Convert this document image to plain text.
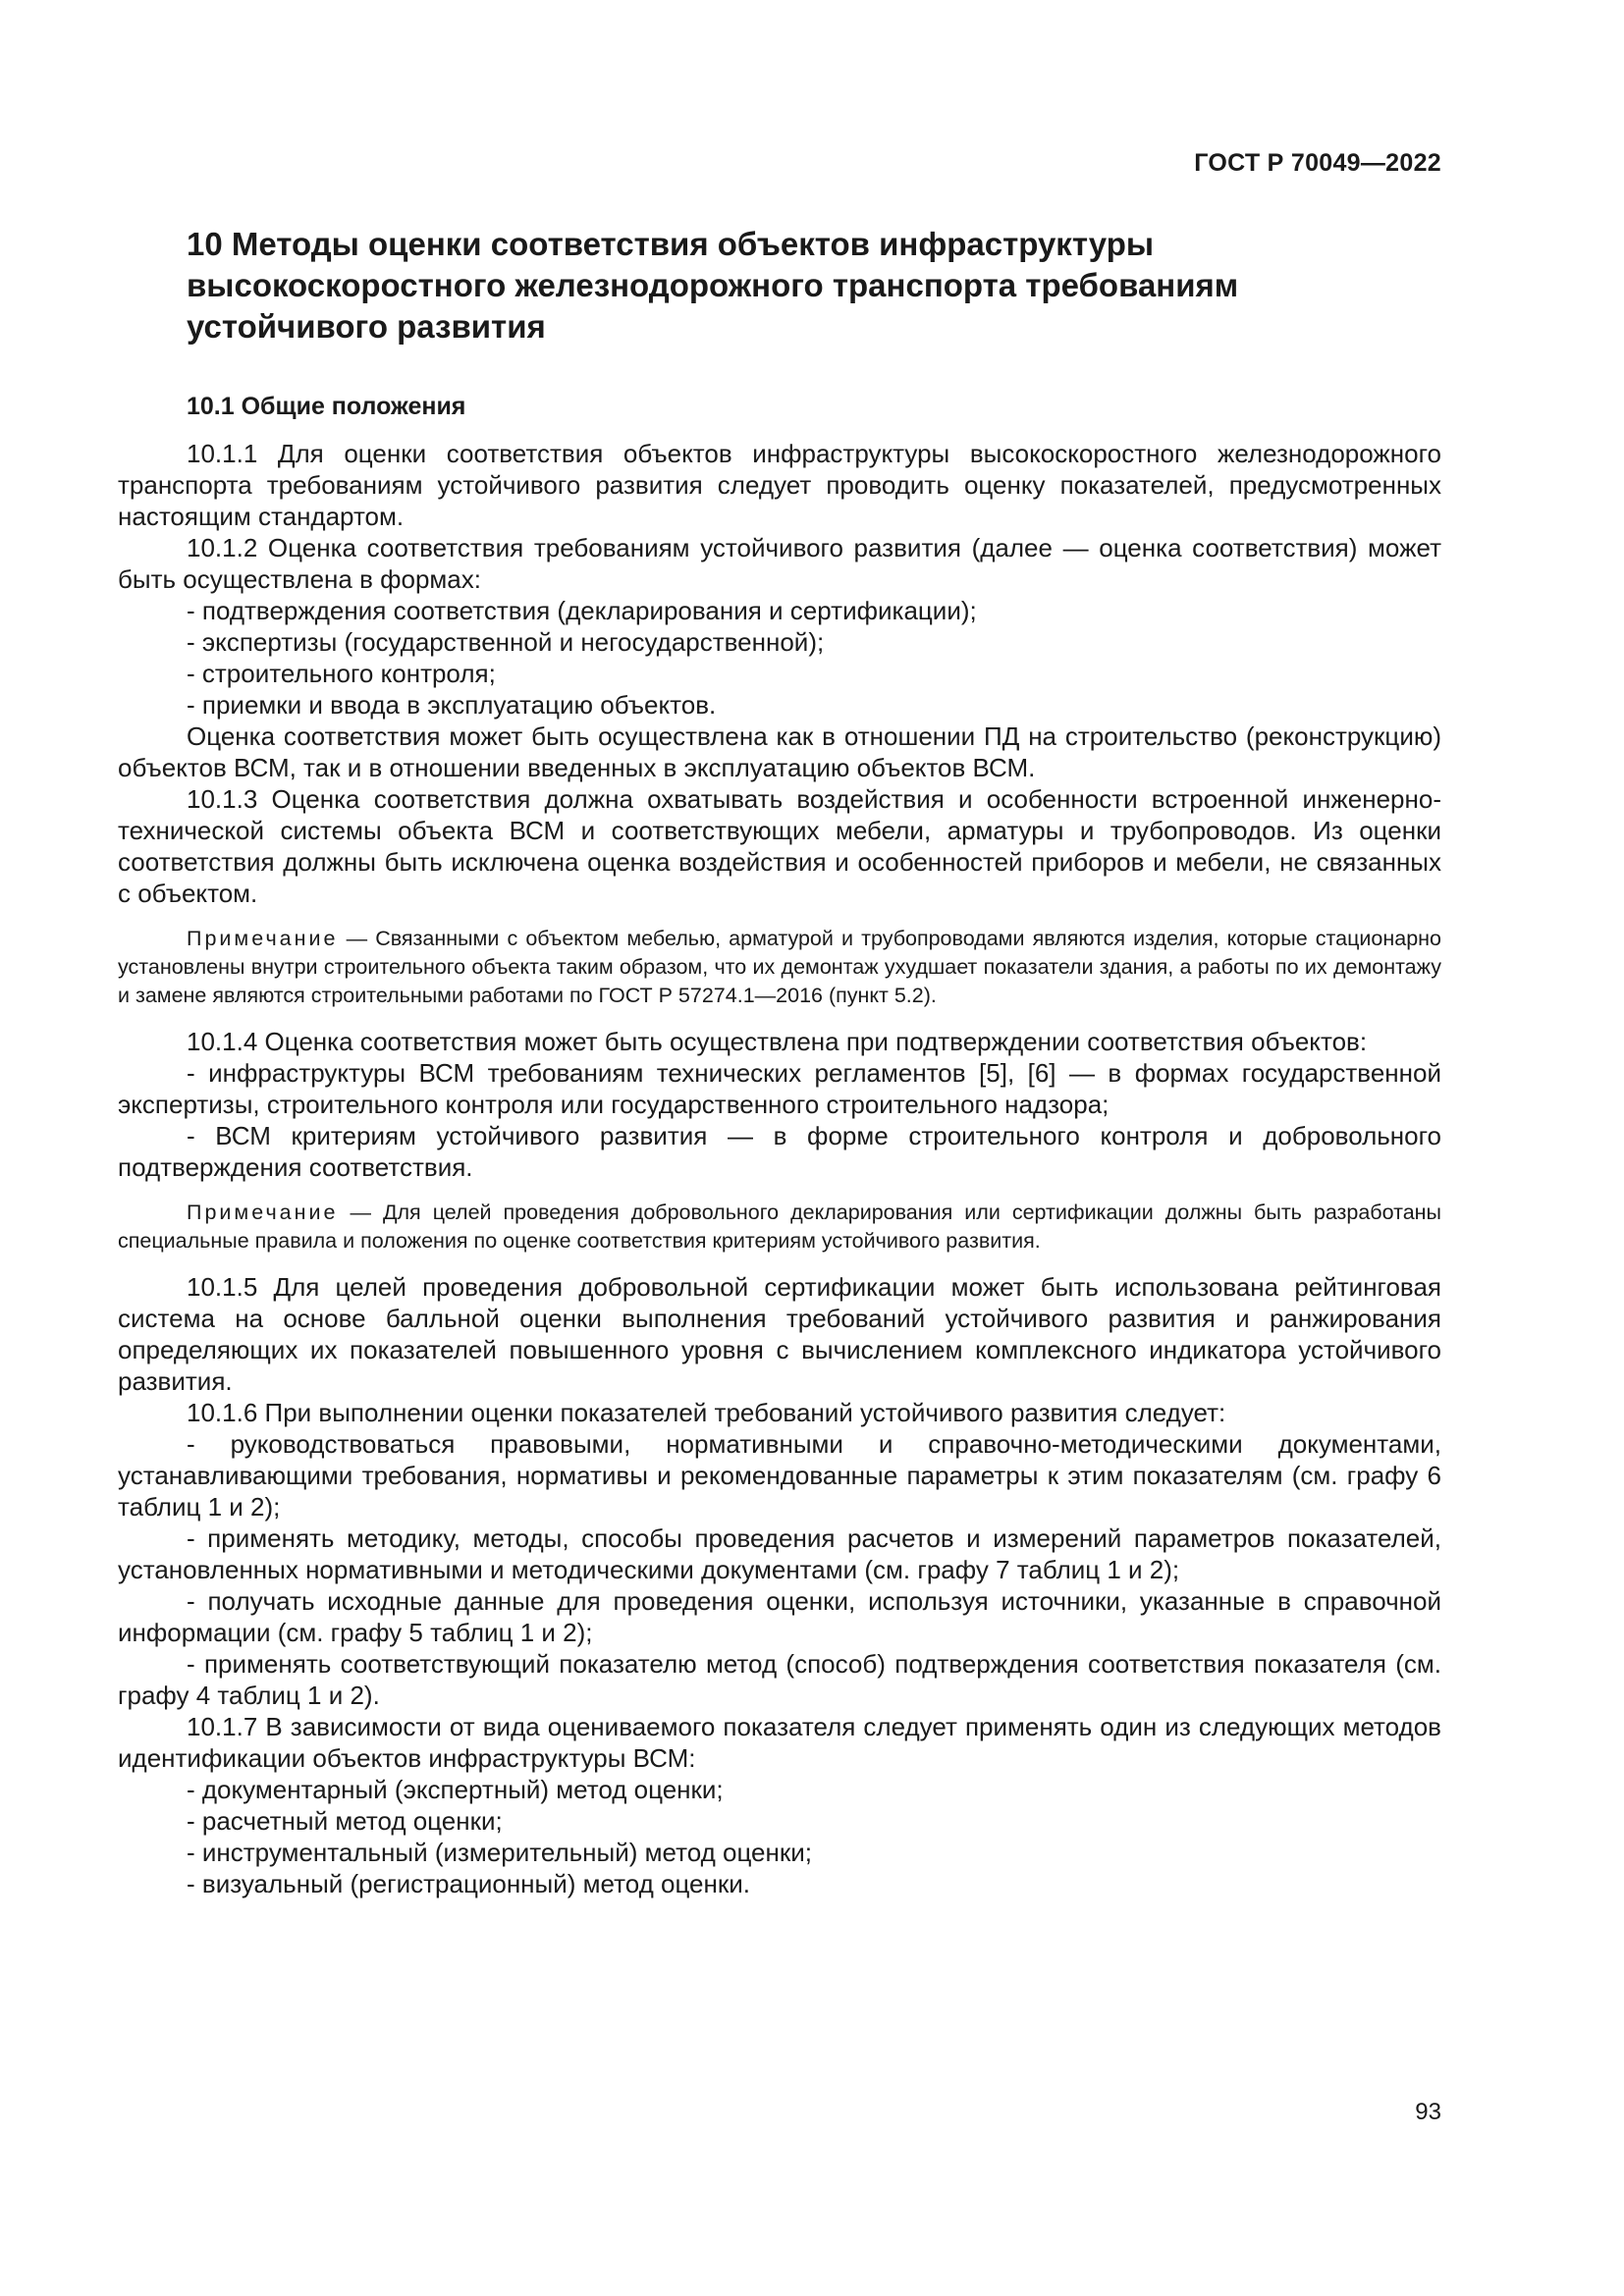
ГОСТ Р 70049—2022

10 Методы оценки соответствия объектов инфраструктуры высокоскоростного железнодорожного транспорта требованиям устойчивого развития
10.1 Общие положения

10.1.1 Для оценки соответствия объектов инфраструктуры высокоскоростного железнодорожного транспорта требованиям устойчивого развития следует проводить оценку показателей, предусмотренных настоящим стандартом.

10.1.2 Оценка соответствия требованиям устойчивого развития (далее — оценка соответствия) может быть осуществлена в формах:

- подтверждения соответствия (декларирования и сертификации);

- экспертизы (государственной и негосударственной);

- строительного контроля;

- приемки и ввода в эксплуатацию объектов.

Оценка соответствия может быть осуществлена как в отношении ПД на строительство (реконструкцию) объектов ВСМ, так и в отношении введенных в эксплуатацию объектов ВСМ.

10.1.3 Оценка соответствия должна охватывать воздействия и особенности встроенной инженерно-технической системы объекта ВСМ и соответствующих мебели, арматуры и трубопроводов. Из оценки соответствия должны быть исключена оценка воздействия и особенностей приборов и мебели, не связанных с объектом.

Примечание — Связанными с объектом мебелью, арматурой и трубопроводами являются изделия, которые стационарно установлены внутри строительного объекта таким образом, что их демонтаж ухудшает показатели здания, а работы по их демонтажу и замене являются строительными работами по ГОСТ Р 57274.1—2016 (пункт 5.2).

10.1.4 Оценка соответствия может быть осуществлена при подтверждении соответствия объектов:

- инфраструктуры ВСМ требованиям технических регламентов [5], [6] — в формах государственной экспертизы, строительного контроля или государственного строительного надзора;

- ВСМ критериям устойчивого развития — в форме строительного контроля и добровольного подтверждения соответствия.

Примечание — Для целей проведения добровольного декларирования или сертификации должны быть разработаны специальные правила и положения по оценке соответствия критериям устойчивого развития.

10.1.5 Для целей проведения добровольной сертификации может быть использована рейтинговая система на основе балльной оценки выполнения требований устойчивого развития и ранжирования определяющих их показателей повышенного уровня с вычислением комплексного индикатора устойчивого развития.

10.1.6 При выполнении оценки показателей требований устойчивого развития следует:

- руководствоваться правовыми, нормативными и справочно-методическими документами, устанавливающими требования, нормативы и рекомендованные параметры к этим показателям (см. графу 6 таблиц 1 и 2);

- применять методику, методы, способы проведения расчетов и измерений параметров показателей, установленных нормативными и методическими документами (см. графу 7 таблиц 1 и 2);

- получать исходные данные для проведения оценки, используя источники, указанные в справочной информации (см. графу 5 таблиц 1 и 2);

- применять соответствующий показателю метод (способ) подтверждения соответствия показателя (см. графу 4 таблиц 1 и 2).

10.1.7 В зависимости от вида оцениваемого показателя следует применять один из следующих методов идентификации объектов инфраструктуры ВСМ:

- документарный (экспертный) метод оценки;

- расчетный метод оценки;

- инструментальный (измерительный) метод оценки;

- визуальный (регистрационный) метод оценки.

93
